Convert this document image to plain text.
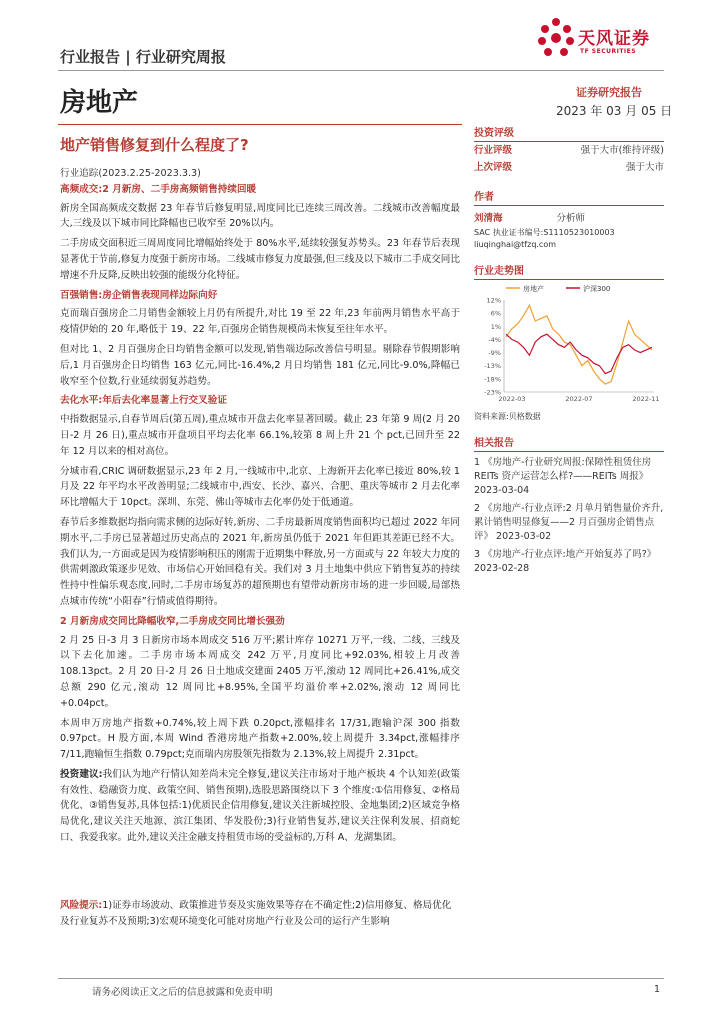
行业报告 | 行业研究周报
天风证券
TF SECURITIES
房地产	证券研究报告
2023 年 03 月 05 日
地产销售修复到什么程度了?

行业追踪(2023.2.25-2023.3.3)

高频成交:2 月新房、二手房高频销售持续回暖

新房全国高频成交数据 23 年春节后修复明显,周度同比已连续三周改善。二线城市改善幅度最大,三线及以下城市同比降幅也已收窄至 20%以内。

二手房成交面积近三周周度同比增幅始终处于 80%水平,延续较强复苏势头。23 年春节后表现显著优于节前,修复力度强于新房市场。二线城市修复力度最强,但三线及以下城市二手成交同比增速不升反降,反映出较强的能级分化特征。

百强销售:房企销售表现同样边际向好

克而瑞百强房企二月销售金额较上月仍有所提升,对比 19 至 22 年,23 年前两月销售水平高于疫情伊始的 20 年,略低于 19、22 年,百强房企销售规模尚未恢复至往年水平。

但对比 1、2 月百强房企日均销售金额可以发现,销售端边际改善信号明显。剔除春节假期影响后,1 月百强房企日均销售 163 亿元,同比-16.4%,2 月日均销售 181 亿元,同比-9.0%,降幅已收窄至个位数,行业延续弱复苏趋势。

去化水平:年后去化率显著上行交叉验证

中指数据显示,自春节周后(第五周),重点城市开盘去化率显著回暖。截止 23 年第 9 周(2 月 20 日-2 月 26 日),重点城市开盘项目平均去化率 66.1%,较第 8 周上升 21 个 pct,已回升至 22 年 12 月以来的相对高位。

分城市看,CRIC 调研数据显示,23 年 2 月,一线城市中,北京、上海新开去化率已接近 80%,较 1 月及 22 年平均水平改善明显;二线城市中,西安、长沙、嘉兴、合肥、重庆等城市 2 月去化率环比增幅大于 10pct。深圳、东莞、佛山等城市去化率仍处于低通道。

春节后多维数据均指向需求侧的边际好转,新房、二手房最新周度销售面积均已超过 2022 年同期水平,二手房已显著超过历史高点的 2021 年,新房虽仍低于 2021 年但距其差距已经不大。我们认为,一方面或是因为疫情影响积压的刚需于近期集中释放,另一方面或与 22 年较大力度的供需刺激政策逐步见效、市场信心开始回稳有关。我们对 3 月土地集中供应下销售复苏的持续性持中性偏乐观态度,同时,二手房市场复苏的超预期也有望带动新房市场的进一步回暖,局部热点城市传统“小阳春”行情或值得期待。

2 月新房成交同比降幅收窄,二手房成交同比增长强劲

2 月 25 日-3 月 3 日新房市场本周成交 516 万平;累计库存 10271 万平,一线、二线、三线及以下去化加速。二手房市场本周成交 242 万平,月度同比+92.03%,相较上月改善 108.13pct。2 月 20 日-2 月 26 日土地成交建面 2405 万平,滚动 12 周同比+26.41%,成交总额 290 亿元,滚动 12 周同比+8.95%,全国平均溢价率+2.02%,滚动 12 周同比+0.04pct。

本周申万房地产指数+0.74%,较上周下跌 0.20pct,涨幅排名 17/31,跑输沪深 300 指数 0.97pct。H 股方面,本周 Wind 香港房地产指数+2.00%,较上周提升 3.34pct,涨幅排序 7/11,跑输恒生指数 0.79pct;克而瑞内房股领先指数为 2.13%,较上周提升 2.31pct。

投资建议:我们认为地产行情认知差尚未完全修复,建议关注市场对于地产板块 4 个认知差(政策有效性、稳融资力度、政策空间、销售预期),选股思路围绕以下 3 个维度:①信用修复、②格局优化、③销售复苏,具体包括:1)优质民企信用修复,建议关注新城控股、金地集团;2)区域竞争格局优化,建议关注天地源、滨江集团、华发股份;3)行业销售复苏,建议关注保利发展、招商蛇口、我爱我家。此外,建议关注金融支持租赁市场的受益标的,万科 A、龙湖集团。

风险提示:1)证券市场波动、政策推进节奏及实施效果等存在不确定性;2)信用修复、格局优化及行业复苏不及预期;3)宏观环境变化可能对房地产行业及公司的运行产生影响
投资评级
行业评级	强于大市(维持评级)
上次评级	强于大市
作者
刘清海	分析师
SAC 执业证书编号:S1110523010003
liuqinghai@tfzq.com
行业走势图
房地产	沪深300
12%
6%
1%
-4%
-9%
-13%
-18%
-23%
2022-03	2022-07	2022-11
资料来源:贝格数据
相关报告

1 《房地产-行业研究周报:保障性租赁住房 REITs 资产运营怎么样?——REITs 周报》 2023-03-04

2 《房地产-行业点评:2 月单月销售量价齐升,累计销售明显修复——2 月百强房企销售点评》 2023-03-02

3 《房地产-行业点评:地产开始复苏了吗?》 2023-02-28

请务必阅读正文之后的信息披露和免责申明	1
